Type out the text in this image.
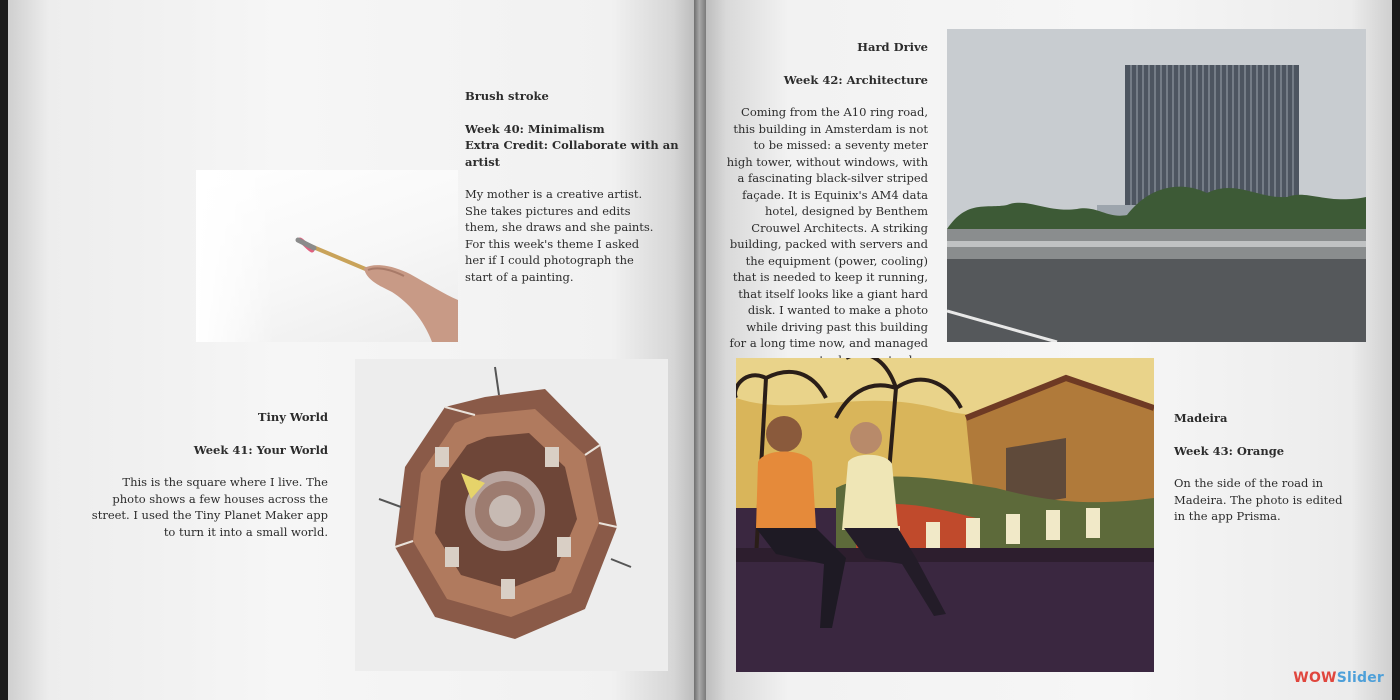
Brush stroke
Week 40: Minimalism
Extra Credit: Collaborate with an artist
My mother is a creative artist. She takes pictures and edits them, she draws and she paints. For this week's theme I asked her if I could photograph the start of a painting.
Tiny World
Week 41: Your World
This is the square where I live. The photo shows a few houses across the street. I used the Tiny Planet Maker app to turn it into a small world.
Hard Drive
Week 42: Architecture
Coming from the A10 ring road, this building in Amsterdam is not to be missed: a seventy meter high tower, without windows, with a fascinating black-silver striped façade. It is Equinix's AM4 data hotel, designed by Benthem Crouwel Architects. A striking building, packed with servers and the equipment (power, cooling) that is needed to keep it running, that itself looks like a giant hard disk. I wanted to make a photo while driving past this building for a long time now, and managed
Madeira
Week 43: Orange
On the side of the road in Madeira. The photo is edited in the app Prisma.
WOWSlider
